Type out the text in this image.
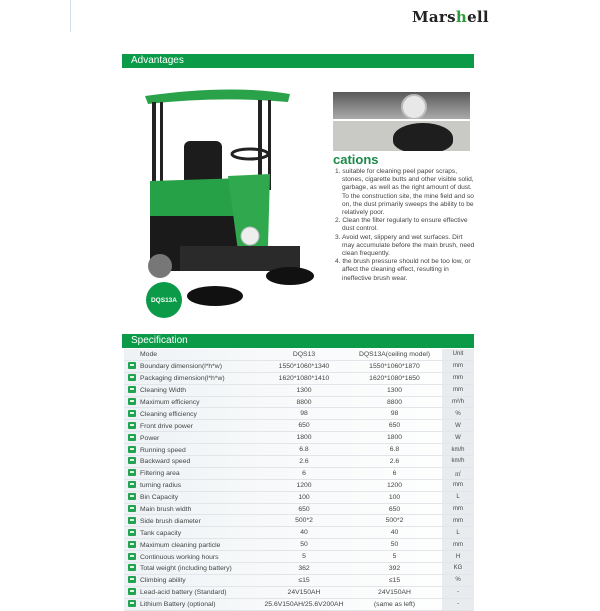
Marshell
Advantages
DQS13A
cations
1. suitable for cleaning peel paper scraps, stones, cigarette butts and other visible solid, garbage, as well as the right amount of dust. To the construction site, the mine field and so on, the dust primarily sweeps the ability to be relatively poor.
2. Clean the filter regularly to ensure effective dust control.
3. Avoid wet, slippery and wet surfaces. Dirt may accumulate before the main brush, need clean frequently.
4. the brush pressure should not be too low, or affect the cleaning effect, resulting in ineffective brush wear.
Specification
Mode	DQS13	DQS13A(ceiling model)	Unit
Boundary dimension(l*h*w)	1550*1060*1340	1550*1060*1870	mm
Packaging dimension(l*h*w)	1620*1080*1410	1620*1080*1650	mm
Cleaning Width	1300	1300	mm
Maximum efficiency	8800	8800	m²/h
Cleaning efficiency	98	98	%
Front drive power	650	650	W
Power	1800	1800	W
Running speed	6.8	6.8	km/h
Backward speed	2.6	2.6	km/h
Filtering area	6	6	㎡
turning radius	1200	1200	mm
Bin Capacity	100	100	L
Main brush width	650	650	mm
Side brush diameter	500*2	500*2	mm
Tank capacity	40	40	L
Maximum cleaning particle	50	50	mm
Continuous working hours	5	5	H
Total weight (including battery)	362	392	KG
Climbing ability	≤15	≤15	%
Lead-acid battery (Standard)	24V150AH	24V150AH	-
Lithium Battery (optional)	25.6V150AH/25.6V200AH	(same as left)	-
